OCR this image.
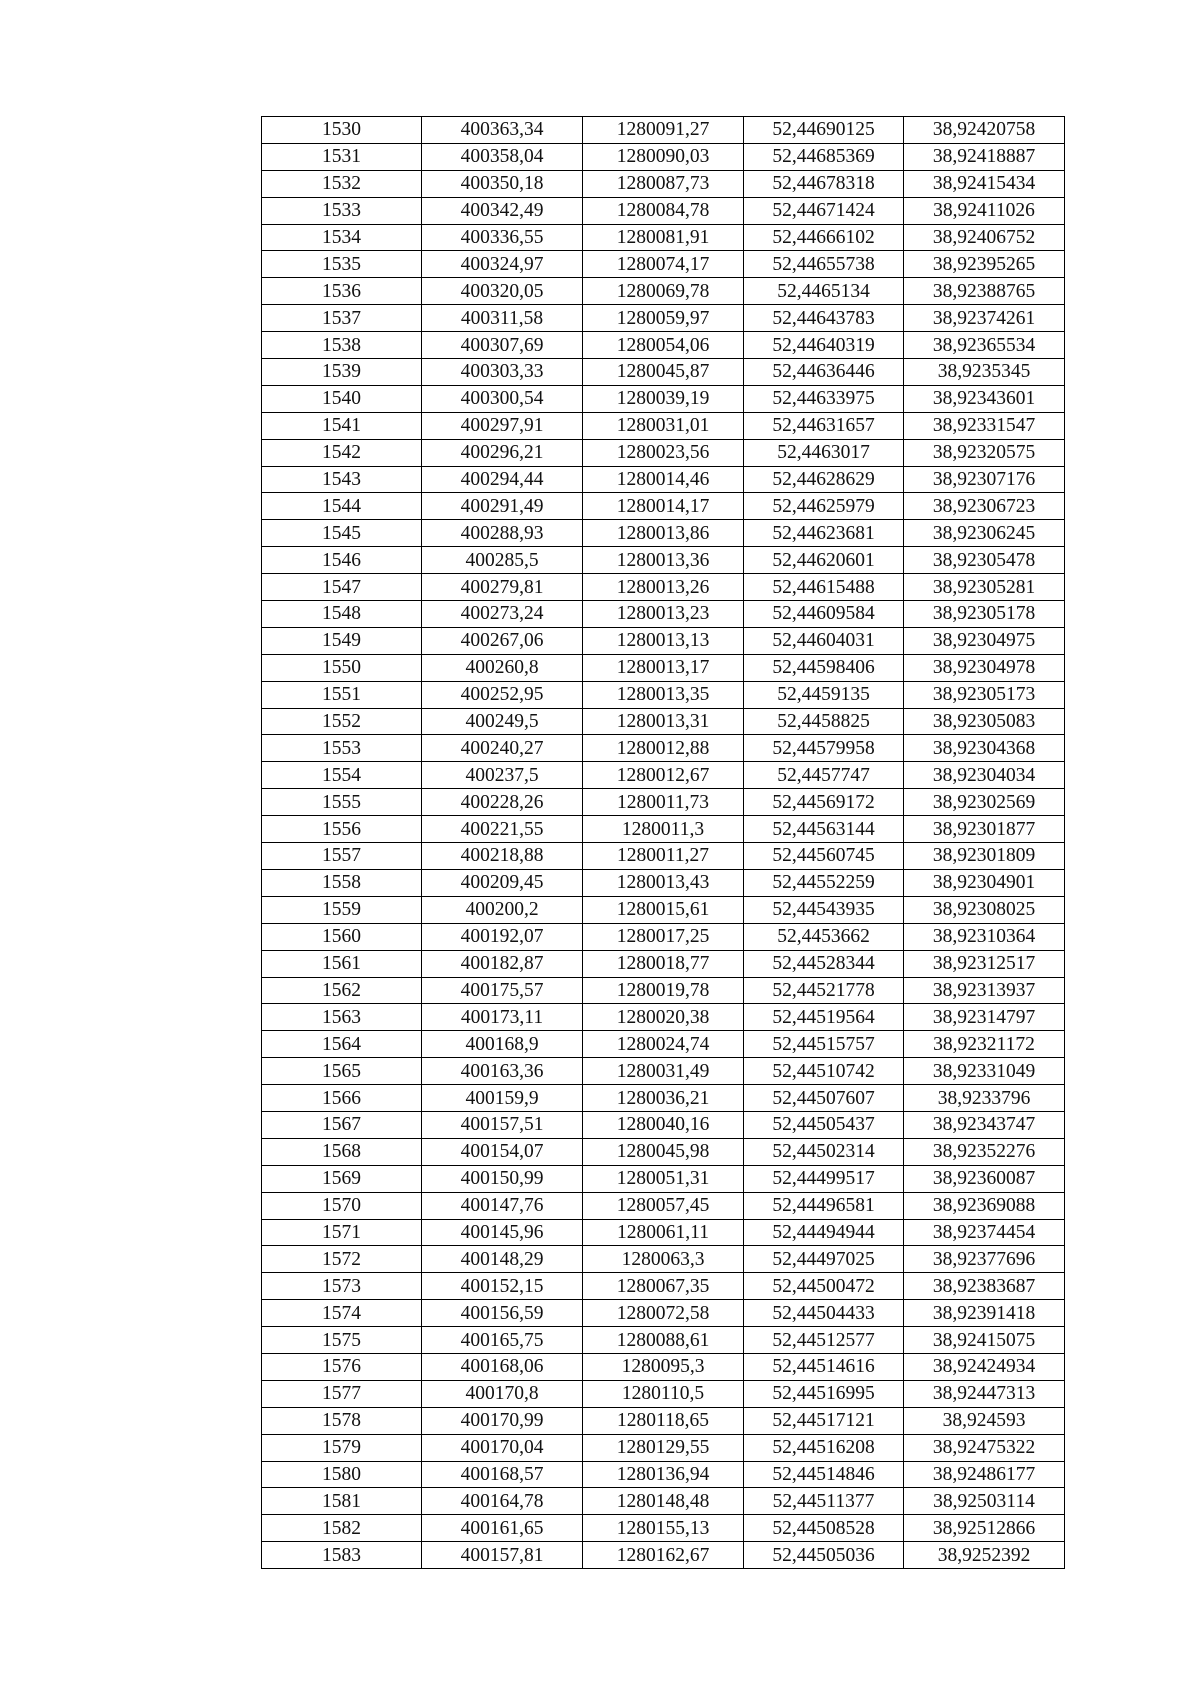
1530	400363,34	1280091,27	52,44690125	38,92420758
1531	400358,04	1280090,03	52,44685369	38,92418887
1532	400350,18	1280087,73	52,44678318	38,92415434
1533	400342,49	1280084,78	52,44671424	38,92411026
1534	400336,55	1280081,91	52,44666102	38,92406752
1535	400324,97	1280074,17	52,44655738	38,92395265
1536	400320,05	1280069,78	52,4465134	38,92388765
1537	400311,58	1280059,97	52,44643783	38,92374261
1538	400307,69	1280054,06	52,44640319	38,92365534
1539	400303,33	1280045,87	52,44636446	38,9235345
1540	400300,54	1280039,19	52,44633975	38,92343601
1541	400297,91	1280031,01	52,44631657	38,92331547
1542	400296,21	1280023,56	52,4463017	38,92320575
1543	400294,44	1280014,46	52,44628629	38,92307176
1544	400291,49	1280014,17	52,44625979	38,92306723
1545	400288,93	1280013,86	52,44623681	38,92306245
1546	400285,5	1280013,36	52,44620601	38,92305478
1547	400279,81	1280013,26	52,44615488	38,92305281
1548	400273,24	1280013,23	52,44609584	38,92305178
1549	400267,06	1280013,13	52,44604031	38,92304975
1550	400260,8	1280013,17	52,44598406	38,92304978
1551	400252,95	1280013,35	52,4459135	38,92305173
1552	400249,5	1280013,31	52,4458825	38,92305083
1553	400240,27	1280012,88	52,44579958	38,92304368
1554	400237,5	1280012,67	52,4457747	38,92304034
1555	400228,26	1280011,73	52,44569172	38,92302569
1556	400221,55	1280011,3	52,44563144	38,92301877
1557	400218,88	1280011,27	52,44560745	38,92301809
1558	400209,45	1280013,43	52,44552259	38,92304901
1559	400200,2	1280015,61	52,44543935	38,92308025
1560	400192,07	1280017,25	52,4453662	38,92310364
1561	400182,87	1280018,77	52,44528344	38,92312517
1562	400175,57	1280019,78	52,44521778	38,92313937
1563	400173,11	1280020,38	52,44519564	38,92314797
1564	400168,9	1280024,74	52,44515757	38,92321172
1565	400163,36	1280031,49	52,44510742	38,92331049
1566	400159,9	1280036,21	52,44507607	38,9233796
1567	400157,51	1280040,16	52,44505437	38,92343747
1568	400154,07	1280045,98	52,44502314	38,92352276
1569	400150,99	1280051,31	52,44499517	38,92360087
1570	400147,76	1280057,45	52,44496581	38,92369088
1571	400145,96	1280061,11	52,44494944	38,92374454
1572	400148,29	1280063,3	52,44497025	38,92377696
1573	400152,15	1280067,35	52,44500472	38,92383687
1574	400156,59	1280072,58	52,44504433	38,92391418
1575	400165,75	1280088,61	52,44512577	38,92415075
1576	400168,06	1280095,3	52,44514616	38,92424934
1577	400170,8	1280110,5	52,44516995	38,92447313
1578	400170,99	1280118,65	52,44517121	38,924593
1579	400170,04	1280129,55	52,44516208	38,92475322
1580	400168,57	1280136,94	52,44514846	38,92486177
1581	400164,78	1280148,48	52,44511377	38,92503114
1582	400161,65	1280155,13	52,44508528	38,92512866
1583	400157,81	1280162,67	52,44505036	38,9252392
